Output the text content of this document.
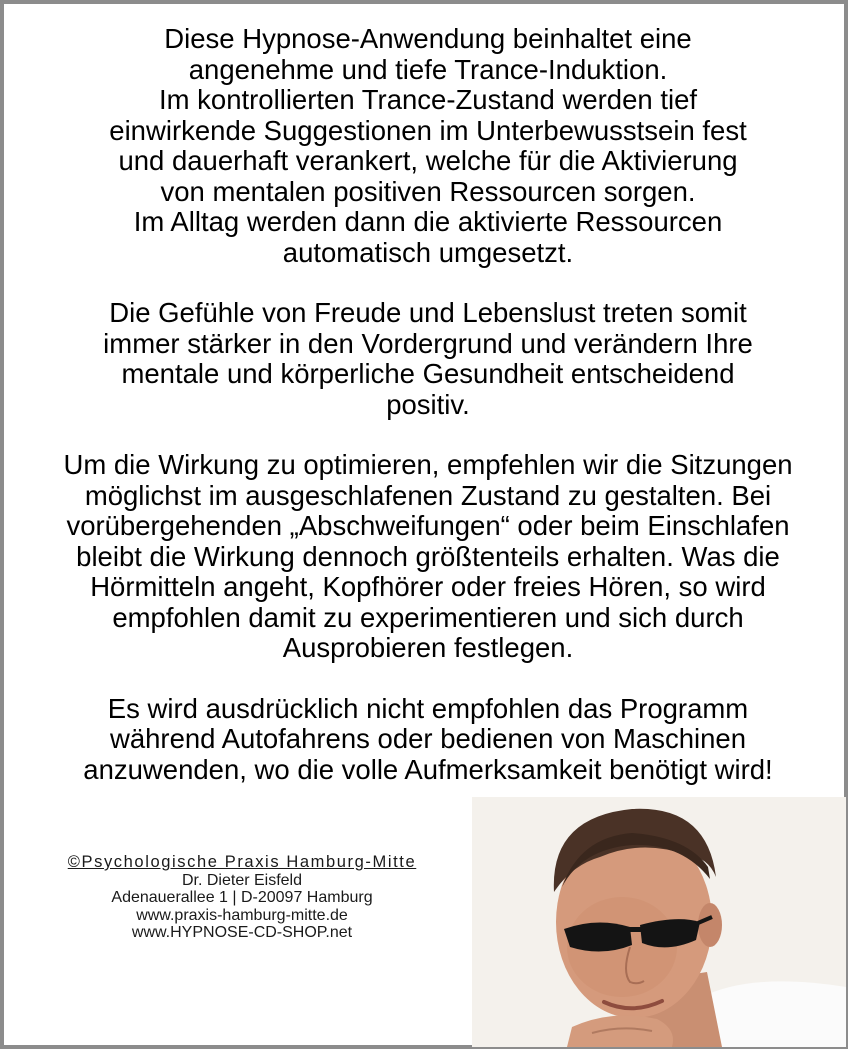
Diese Hypnose-Anwendung beinhaltet eine
angenehme und tiefe Trance-Induktion.
Im kontrollierten Trance-Zustand werden tief
einwirkende Suggestionen im Unterbewusstsein fest
und dauerhaft verankert, welche für die Aktivierung
von mentalen positiven Ressourcen sorgen.
Im Alltag werden dann die aktivierte Ressourcen
automatisch umgesetzt.

Die Gefühle von Freude und Lebenslust treten somit
immer stärker in den Vordergrund und verändern Ihre
mentale und körperliche Gesundheit entscheidend
positiv.

Um die Wirkung zu optimieren, empfehlen wir die Sitzungen
möglichst im ausgeschlafenen Zustand zu gestalten. Bei
vorübergehenden „Abschweifungen“ oder beim Einschlafen
bleibt die Wirkung dennoch größtenteils erhalten. Was die
Hörmitteln angeht, Kopfhörer oder freies Hören, so wird
empfohlen damit zu experimentieren und sich durch
Ausprobieren festlegen.

Es wird ausdrücklich nicht empfohlen das Programm
während Autofahrens oder bedienen von Maschinen
anzuwenden, wo die volle Aufmerksamkeit benötigt wird!

©Psychologische Praxis Hamburg-Mitte
Dr. Dieter Eisfeld
Adenauerallee 1 | D-20097 Hamburg
www.praxis-hamburg-mitte.de
www.HYPNOSE-CD-SHOP.net
